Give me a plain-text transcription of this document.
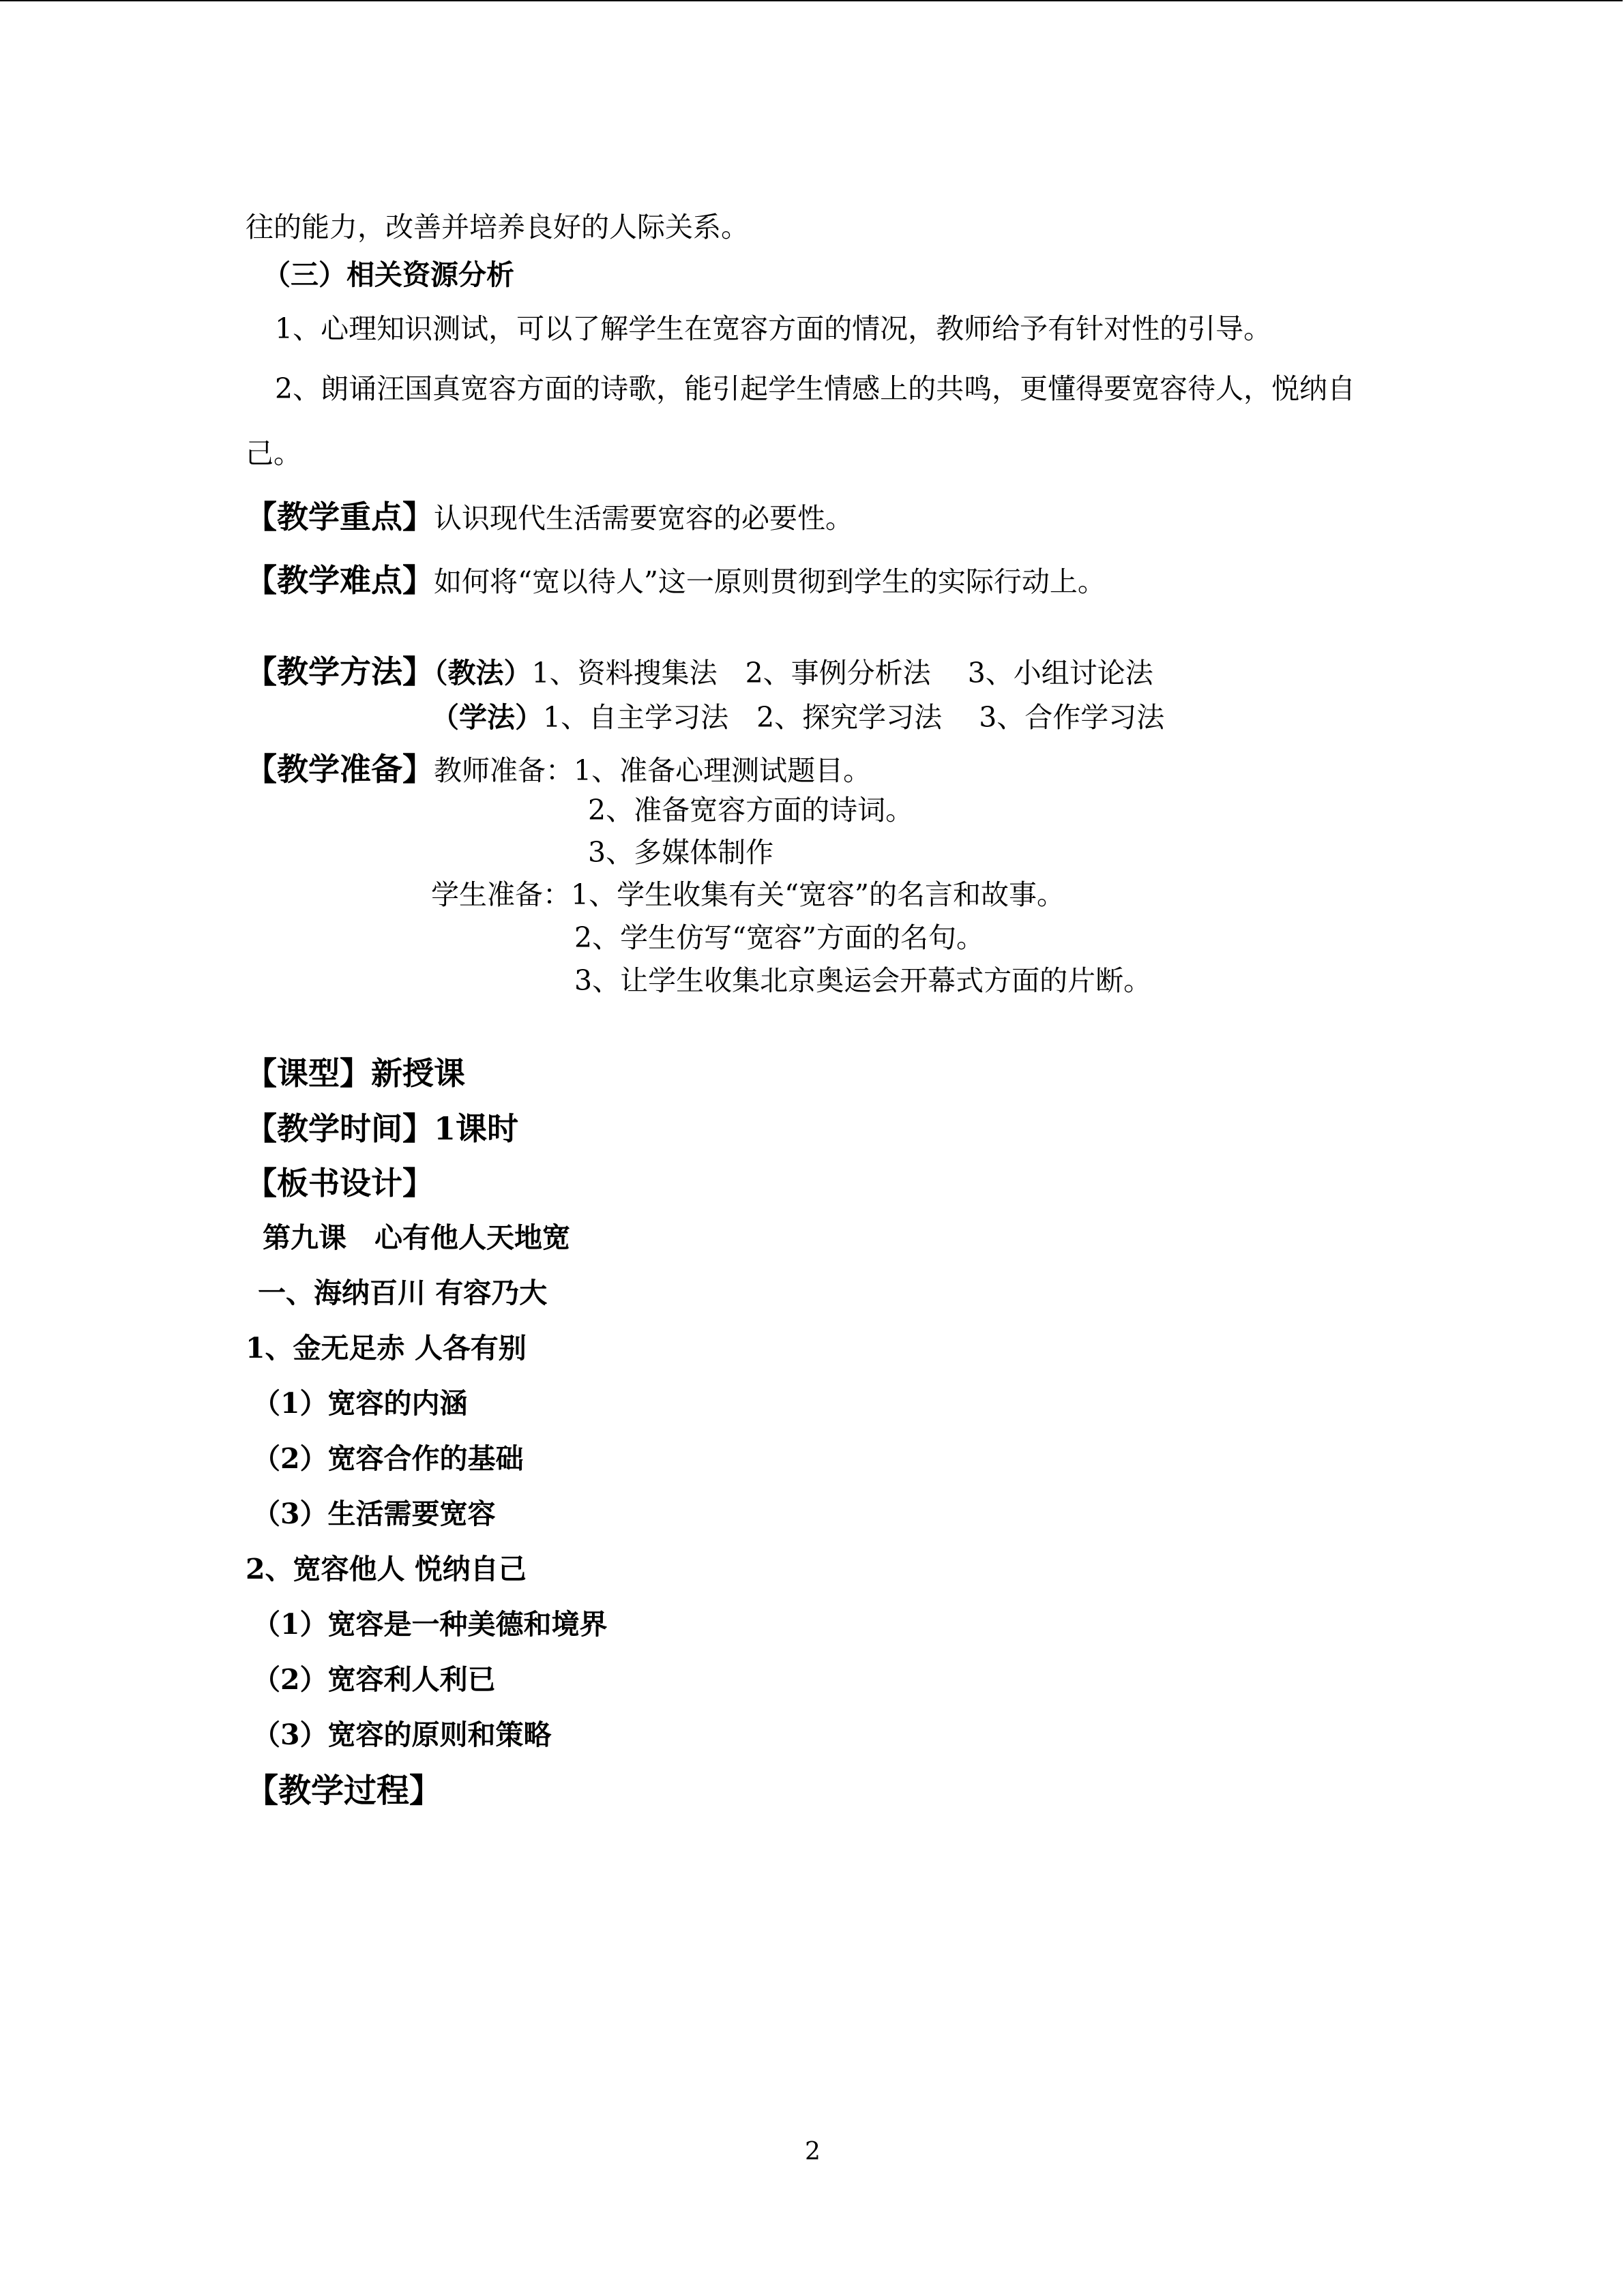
往的能力，改善并培养良好的人际关系。
（三）相关资源分析
1、心理知识测试，可以了解学生在宽容方面的情况，教师给予有针对性的引导。
2、朗诵汪国真宽容方面的诗歌，能引起学生情感上的共鸣，更懂得要宽容待人，悦纳自
己。
【教学重点】认识现代生活需要宽容的必要性。
【教学难点】如何将“宽以待人”这一原则贯彻到学生的实际行动上。
【教学方法】（教法）1、资料搜集法　2、事例分析法　 3、小组讨论法
（学法）1、自主学习法　2、探究学习法　 3、合作学习法
【教学准备】教师准备：1、准备心理测试题目。
2、准备宽容方面的诗词。
3、多媒体制作
学生准备：1、学生收集有关“宽容”的名言和故事。
2、学生仿写“宽容”方面的名句。
3、让学生收集北京奥运会开幕式方面的片断。
【课型】新授课
【教学时间】1课时
【板书设计】
第九课　心有他人天地宽
一、海纳百川 有容乃大
1、金无足赤 人各有别
（1）宽容的内涵
（2）宽容合作的基础
（3）生活需要宽容
2、宽容他人 悦纳自己
（1）宽容是一种美德和境界
（2）宽容利人利已
（3）宽容的原则和策略
【教学过程】
2
